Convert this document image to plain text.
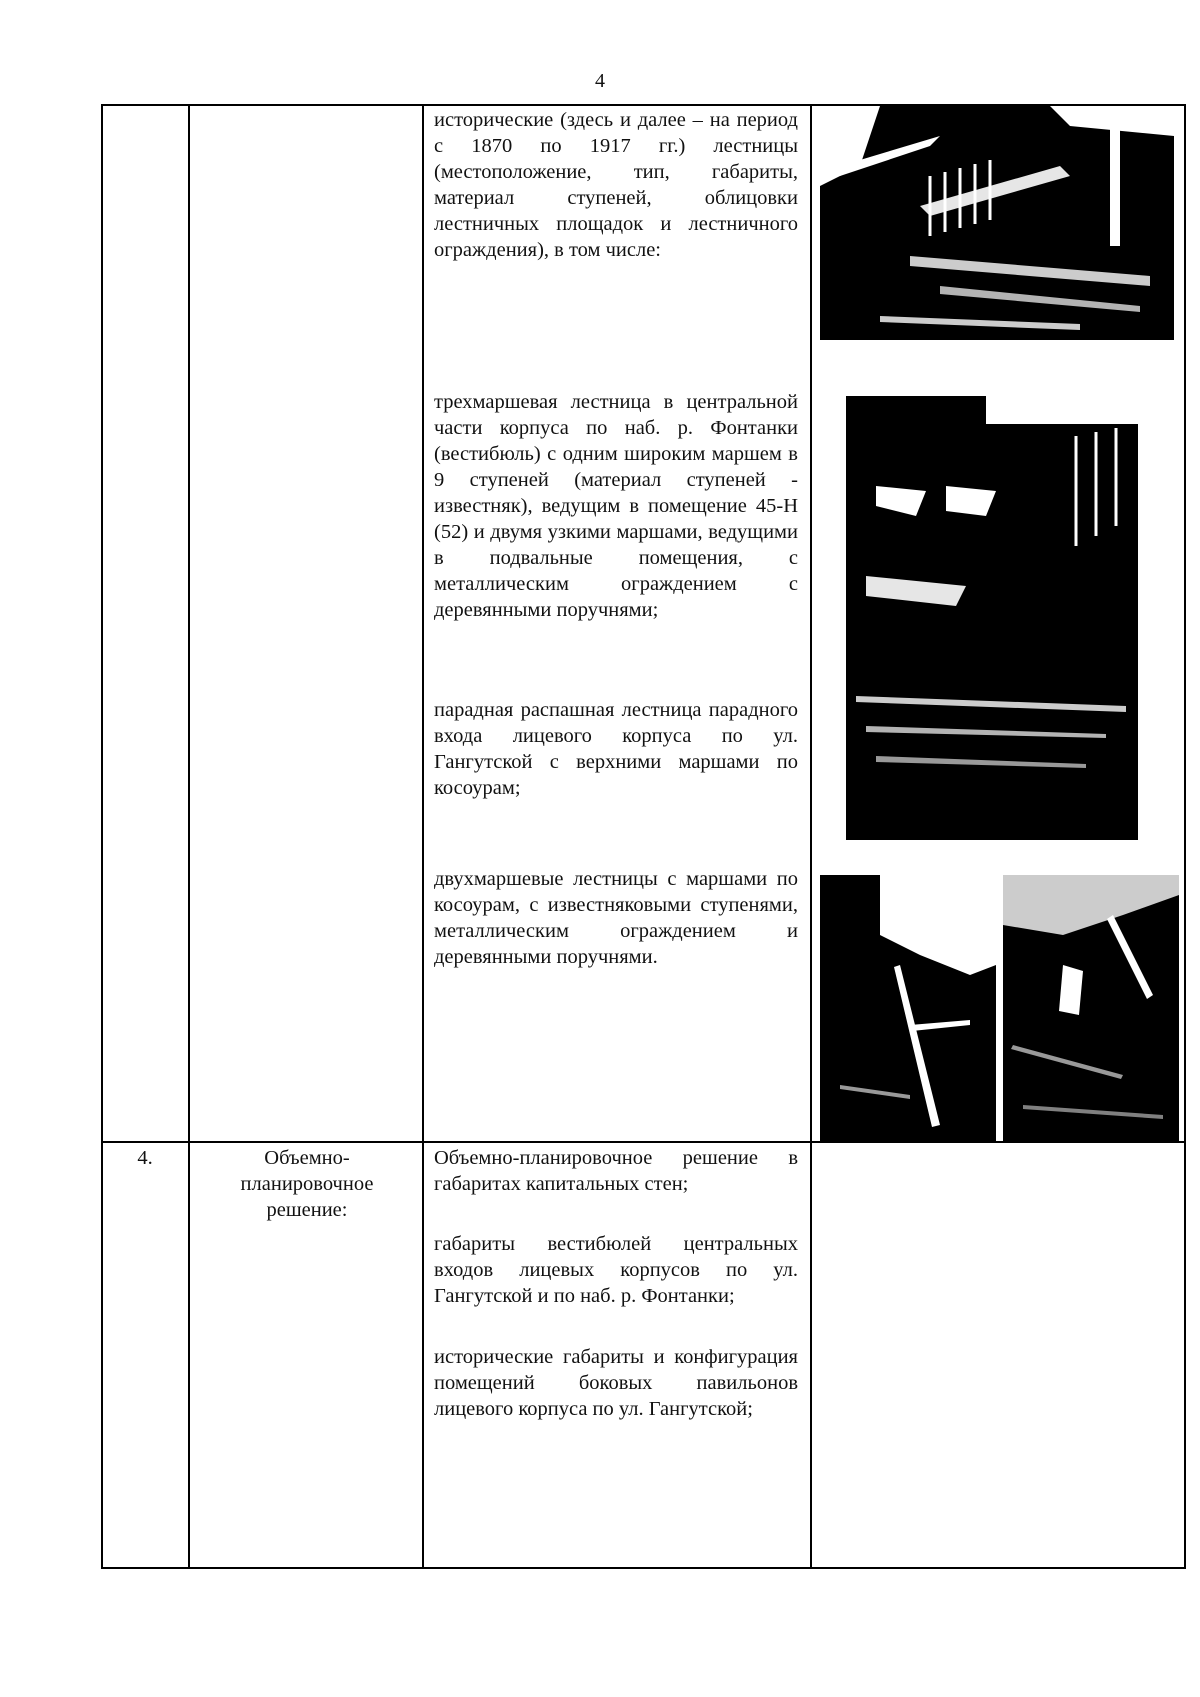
4
исторические (здесь и далее – на период с 1870 по 1917 гг.) лестницы (местоположение, тип, габариты, материал ступеней, облицовки лестничных площадок и лестничного ограждения), в том числе:
трехмаршевая лестница в центральной части корпуса по наб. р. Фонтанки (вестибюль) с одним широким маршем в 9 ступеней (материал ступеней - известняк), ведущим в помещение 45-Н (52) и двумя узкими маршами, ведущими в подвальные помещения, с металлическим ограждением с деревянными поручнями;
парадная распашная лестница парадного входа лицевого корпуса по ул. Гангутской с верхними маршами по косоурам;
двухмаршевые лестницы с маршами по косоурам, с известняковыми ступенями, металлическим ограждением и деревянными поручнями.
4.	Объемно-планировочное решение:
Объемно-планировочное решение в габаритах капитальных стен;
габариты вестибюлей центральных входов лицевых корпусов по ул. Гангутской и по наб. р. Фонтанки;
исторические габариты и конфигурация помещений боковых павильонов лицевого корпуса по ул. Гангутской;
